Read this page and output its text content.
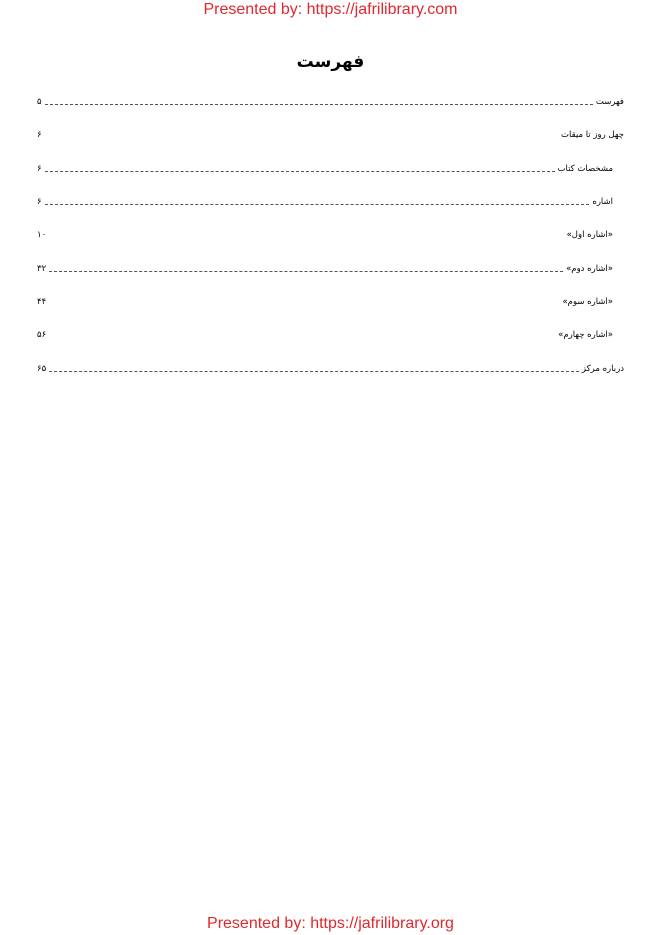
Presented by: https://jafrilibrary.com
فهرست
فهرست
۵
چهل روز تا میقات
۶
مشخصات کتاب
۶
اشاره
۶
«اشاره اول»
۱۰
«اشاره دوم»
۳۲
«اشاره سوم»
۴۴
«اشاره چهارم»
۵۶
درباره مرکز
۶۵
Presented by: https://jafrilibrary.org
